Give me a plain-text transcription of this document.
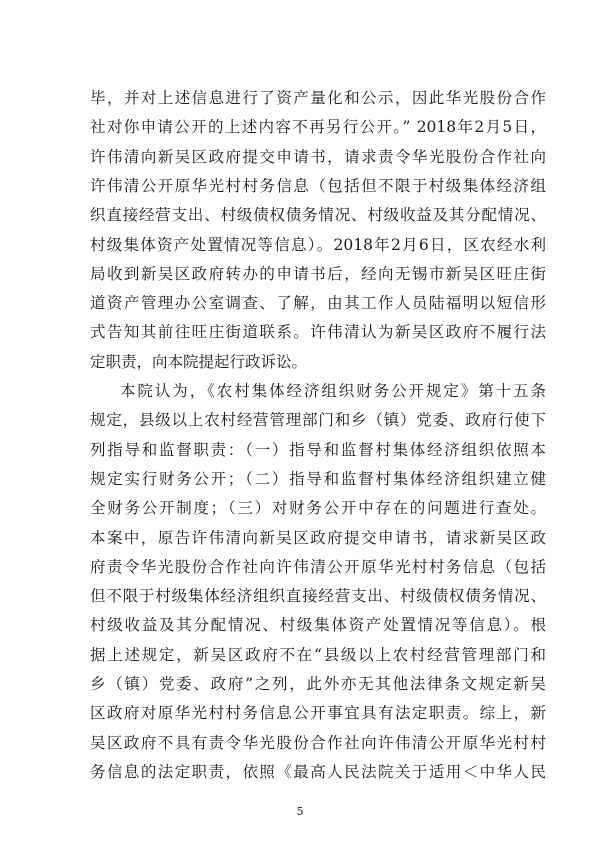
毕，并对上述信息进行了资产量化和公示，因此华光股份合作
社对你申请公开的上述内容不再另行公开。” 2018年2月5日，
许伟清向新吴区政府提交申请书，请求责令华光股份合作社向
许伟清公开原华光村村务信息（包括但不限于村级集体经济组
织直接经营支出、村级债权债务情况、村级收益及其分配情况、
村级集体资产处置情况等信息）。2018年2月6日，区农经水利
局收到新吴区政府转办的申请书后，经向无锡市新吴区旺庄街
道资产管理办公室调查、了解，由其工作人员陆福明以短信形
式告知其前往旺庄街道联系。许伟清认为新吴区政府不履行法
定职责，向本院提起行政诉讼。
本院认为，《农村集体经济组织财务公开规定》第十五条
规定，县级以上农村经营管理部门和乡（镇）党委、政府行使下
列指导和监督职责：（一）指导和监督村集体经济组织依照本
规定实行财务公开；（二）指导和监督村集体经济组织建立健
全财务公开制度；（三）对财务公开中存在的问题进行查处。
本案中，原告许伟清向新吴区政府提交申请书，请求新吴区政
府责令华光股份合作社向许伟清公开原华光村村务信息（包括
但不限于村级集体经济组织直接经营支出、村级债权债务情况、
村级收益及其分配情况、村级集体资产处置情况等信息）。根
据上述规定，新吴区政府不在“县级以上农村经营管理部门和
乡（镇）党委、政府”之列，此外亦无其他法律条文规定新吴
区政府对原华光村村务信息公开事宜具有法定职责。综上，新
吴区政府不具有责令华光股份合作社向许伟清公开原华光村村
务信息的法定职责，依照《最高人民法院关于适用＜中华人民
5
